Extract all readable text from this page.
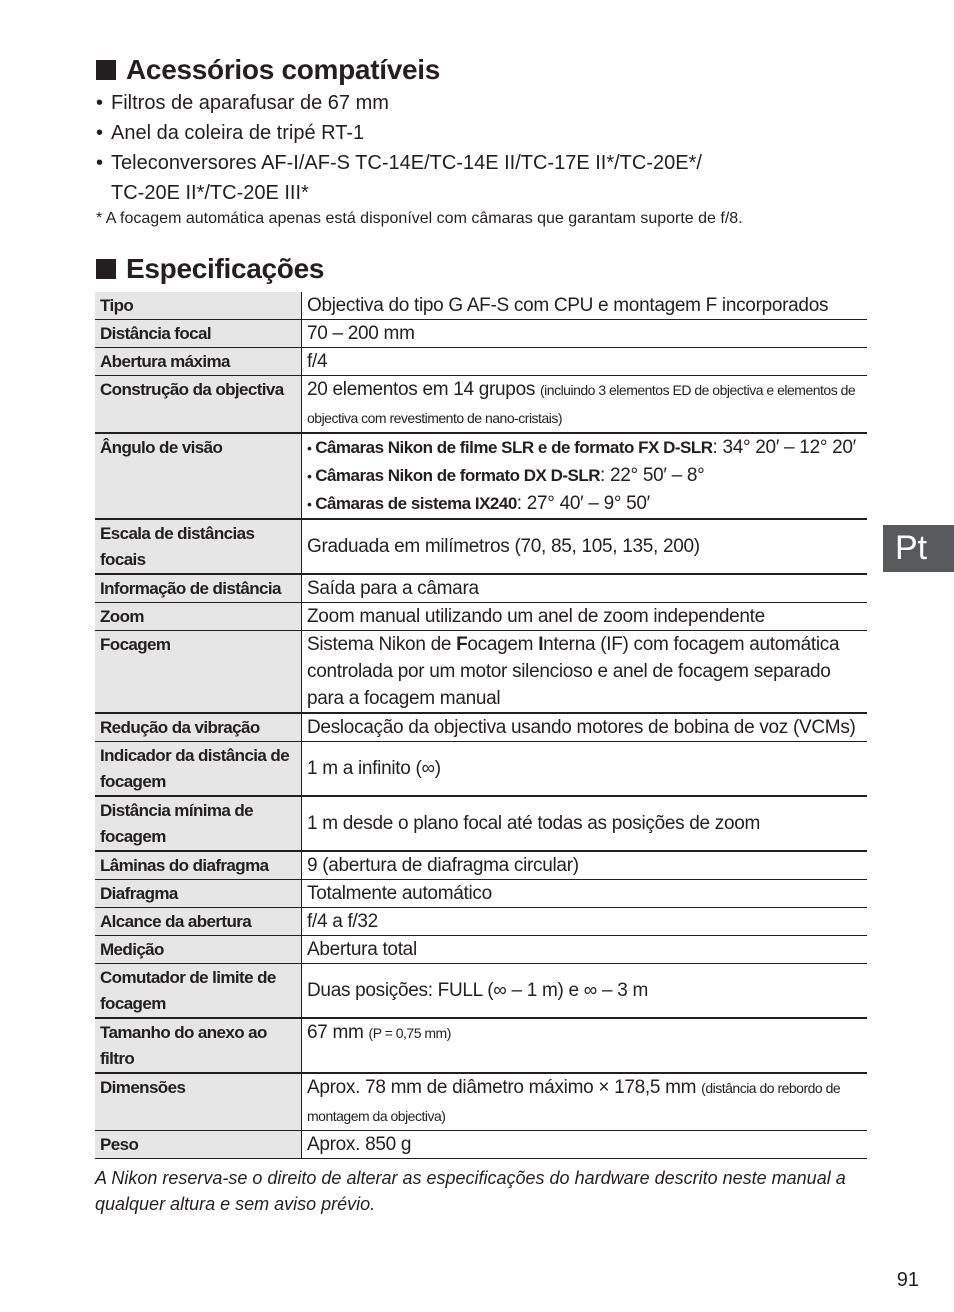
Acessórios compatíveis
• Filtros de aparafusar de 67 mm
• Anel da coleira de tripé RT-1
• Teleconversores AF-I/AF-S TC-14E/TC-14E II/TC-17E II*/TC-20E*/
TC-20E II*/TC-20E III*
* A focagem automática apenas está disponível com câmaras que garantam suporte de f/8.
Especificações
Tipo	Objectiva do tipo G AF-S com CPU e montagem F incorporados
Distância focal	70 – 200 mm
Abertura máxima	f/4
Construção da objectiva	20 elementos em 14 grupos (incluindo 3 elementos ED de objectiva e elementos de objectiva com revestimento de nano-cristais)
Ângulo de visão	• Câmaras Nikon de filme SLR e de formato FX D-SLR: 34° 20′ – 12° 20′
• Câmaras Nikon de formato DX D-SLR: 22° 50′ – 8°
• Câmaras de sistema IX240: 27° 40′ – 9° 50′

Escala de distâncias focais	Graduada em milímetros (70, 85, 105, 135, 200)
Informação de distância	Saída para a câmara
Zoom	Zoom manual utilizando um anel de zoom independente
Focagem	Sistema Nikon de Focagem Interna (IF) com focagem automática controlada por um motor silencioso e anel de focagem separado para a focagem manual
Redução da vibração	Deslocação da objectiva usando motores de bobina de voz (VCMs)
Indicador da distância de focagem	1 m a infinito (∞)
Distância mínima de focagem	1 m desde o plano focal até todas as posições de zoom
Lâminas do diafragma	9 (abertura de diafragma circular)
Diafragma	Totalmente automático
Alcance da abertura	f/4 a f/32
Medição	Abertura total
Comutador de limite de focagem	Duas posições: FULL (∞ – 1 m) e ∞ – 3 m
Tamanho do anexo ao filtro	67 mm (P = 0,75 mm)
Dimensões	Aprox. 78 mm de diâmetro máximo × 178,5 mm (distância do rebordo de montagem da objectiva)
Peso	Aprox. 850 g
A Nikon reserva-se o direito de alterar as especificações do hardware descrito neste manual a qualquer altura e sem aviso prévio.
91
Pt
